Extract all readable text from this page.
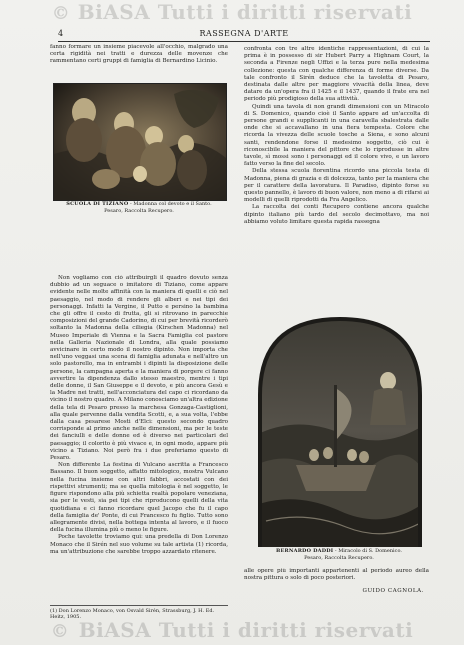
© BiASA Tutti i diritti riservati
4	RASSEGNA D'ARTE

fanno formare un insieme piacevole all'occhio, malgrado una certa rigidità nei tratti e durezza delle movenze che rammentano certi gruppi di famiglia di Bernardino Licinio.

SCUOLA DI TIZIANO - Madonna col devoto e il Santo.
Pesaro, Raccolta Recupero.

Non vogliamo con ciò attribuirgli il quadro dovuto senza dubbio ad un seguace o imitatore di Tiziano, come appare evidente nelle molte affinità con la maniera di quelli e ciò nel paesaggio, nel modo di rendere gli alberi e nei tipi dei personaggi. Infatti la Vergine, il Putto e persino la bambina che gli offre il cesto di frutta, gli si ritrovano in parecchie composizioni del grande Cadorino, di cui per brevità ricorderò soltanto la Madonna della ciliegia (Kirschen Madonna) nel Museo Imperiale di Vienna e la Sacra Famiglia col pastore nella Galleria Nazionale di Londra, alla quale possiamo avvicinare in certo modo il nostro dipinto. Non importa che nell'uno veggasi una scena di famiglia adunata e nell'altro un solo pastorello, ma in entrambi i dipinti la disposizione delle persone, la campagna aperta e la maniera di porgere ci fanno avvertire la dipendenza dallo stesso maestro, mentre i tipi delle donne, il San Giuseppe e il devoto, e più ancora Gesù e la Madre nei tratti, nell'acconciatura del capo ci ricordano da vicino il nostro quadro. A Milano conosciamo un'altra edizione della tela di Pesaro presso la marchesa Gonzaga-Castiglioni, alla quale pervenne dalla vendita Scotti, e, a sua volta, l'ebbe dalla casa pesarese Mosti d'Elci: questo secondo quadro corrisponde al primo anche nelle dimensioni, ma per le teste dei fanciulli e delle donne ed è diverso nei particolari del paesaggio; il colorito è più vivace e, in ogni modo, appare più vicino a Tiziano. Noi però fra i due preferiamo questo di Pesaro.

Non differente La festina di Vulcano ascritta a Francesco Bassano. Il buon soggetto, affatto mitologico, mostra Vulcano nella fucina insieme con altri fabbri, accostati con dei rispettivi strumenti; ma se quella mitologia è nel soggetto, le figure rispondono alla più schietta realtà popolare veneziana, sia per le vesti, sia pei tipi che riproducono quelli della vita quotidiana e ci fanno ricordare quel Jacopo che fu il capo della famiglia de' Ponte, di cui Francesco fu figlio. Tutto sono allegramente divisi, nella bottega intenta al lavoro, e il fuoco della fucina illumina più o meno le figure.

Poche tavolette troviamo qui: una predella di Don Lorenzo Monaco che il Sirén nel suo volume su tale artista (1) ricorda, ma un'attribuzione che sarebbe troppo azzardato ritenere.

(1) Don Lorenzo Monaco, von Osvald Sirén, Strassburg, J. H. Ed. Heitz, 1905.

confronta con tre altre identiche rappresentazioni, di cui la prima è in possesso di sir Hubert Parry a Highnam Court, la seconda a Firenze negli Uffizi e la terza pure nella medesima collezione: questa con qualche differenza di forme diverse. Da tale confronto il Sirén deduce che la tavoletta di Pesaro, destinata dalle altre per maggiore vivacità della linea, deve datare da un'opera fra il 1425 e il 1437, quando il frate era nel periodo più prodigioso della sua attività.

Quindi una tavola di non grandi dimensioni con un Miracolo di S. Domenico, quando cioè il Santo appare ad un'accolta di persone grandi e supplicanti in una caravella sbalestrata dalle onde che si accavallano in una fiera tempesta. Colore che ricorda la vivezza delle scuole tosche a Siena, e sono alcuni santi, rendendone forse il medesimo soggetto, ciò cui è riconoscibile la maniera del pittore che lo riprodusse in altre tavole, sì mossi sono i personaggi ed il colore vivo, e un lavoro fatto verso la fine del secolo.

Della stessa scuola fiorentina ricordo una piccola testa di Madonna, piena di grazia e di dolcezza, tanto per la maniera che per il carattere della lavoratura. Il Paradiso, dipinto forse su questo pannello, è lavoro di buon valore, non meno a di rifarsi ai modelli di quelli riprodotti da Fra Angelico.

La raccolta dei conti Recupero contiene ancora qualche dipinto italiano più tardo del secolo decimottavo, ma noi abbiamo voluto limitare questa rapida rassegna

BERNARDO DADDI - Miracolo di S. Domenico.
Pesaro, Raccolta Recupero.

alle opere più importanti appartenenti al periodo aureo della nostra pittura o solo di poco posteriori.

GUIDO CAGNOLA.
© BiASA Tutti i diritti riservati
